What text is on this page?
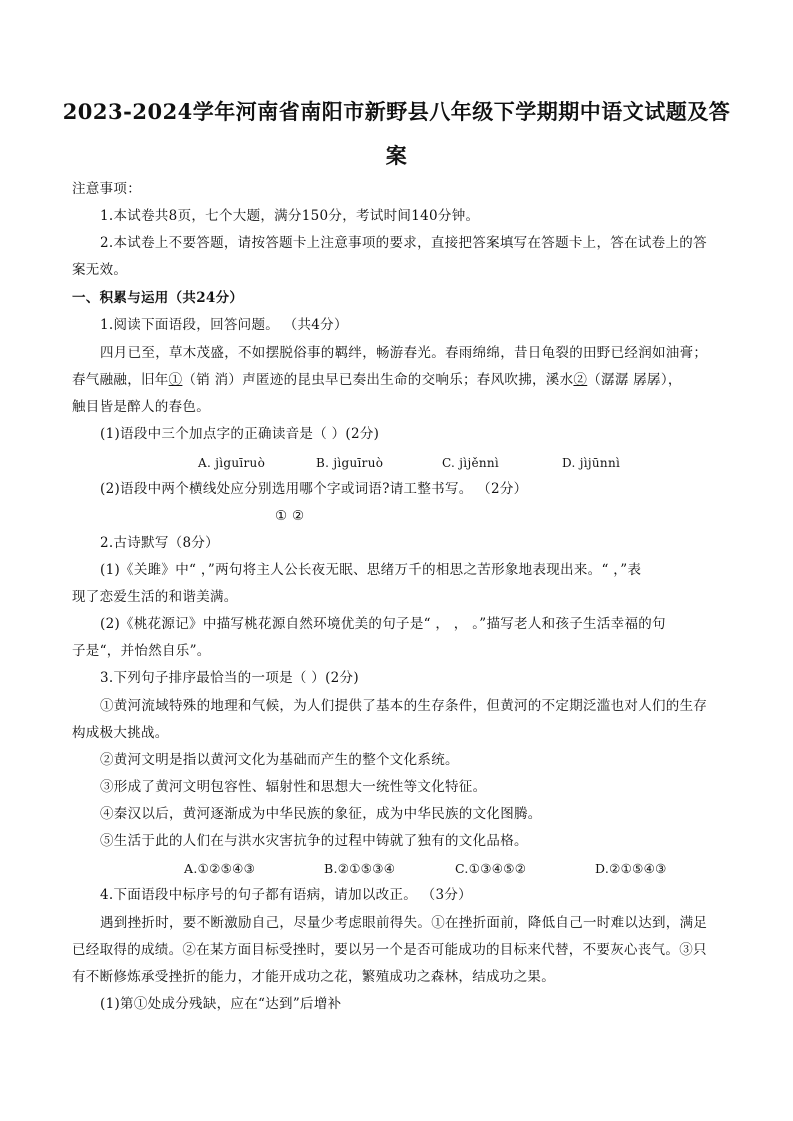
2023-2024学年河南省南阳市新野县八年级下学期期中语文试题及答
案
注意事项：
1.本试卷共8页，七个大题，满分150分，考试时间140分钟。
2.本试卷上不要答题，请按答题卡上注意事项的要求，直接把答案填写在答题卡上，答在试卷上的答
案无效。
一、积累与运用（共24分）
1.阅读下面语段，回答问题。 （共4分）
四月已至，草木茂盛，不如摆脱俗事的羁绊，畅游春光。春雨绵绵，昔日龟裂的田野已经润如油膏；
春气融融，旧年①（销 消）声匿迹的昆虫早已奏出生命的交响乐；春风吹拂，溪水②（潺潺 孱孱），
触目皆是醉人的春色。
(1)语段中三个加点字的正确读音是（ ）(2分)
A. jìguīruò	B. jìguīruò	C. jìjěnnì	D. jìjūnnì
(2)语段中两个横线处应分别选用哪个字或词语?请工整书写。 （2分）
① ②
2.古诗默写（8分）
(1)《关雎》中“ ，”两句将主人公长夜无眠、思绪万千的相思之苦形象地表现出来。“ ，”表
现了恋爱生活的和谐美满。
(2)《桃花源记》中描写桃花源自然环境优美的句子是“ ， ， 。”描写老人和孩子生活幸福的句
子是“，并怡然自乐”。
3.下列句子排序最恰当的一项是（ ）(2分)
①黄河流域特殊的地理和气候，为人们提供了基本的生存条件，但黄河的不定期泛滥也对人们的生存
构成极大挑战。
②黄河文明是指以黄河文化为基础而产生的整个文化系统。
③形成了黄河文明包容性、辐射性和思想大一统性等文化特征。
④秦汉以后，黄河逐渐成为中华民族的象征，成为中华民族的文化图腾。
⑤生活于此的人们在与洪水灾害抗争的过程中铸就了独有的文化品格。
A.①②⑤④③	B.②①⑤③④	C.①③④⑤②	D.②①⑤④③
4.下面语段中标序号的句子都有语病，请加以改正。 （3分）
遇到挫折时，要不断激励自己，尽量少考虑眼前得失。①在挫折面前，降低自己一时难以达到，满足
已经取得的成绩。②在某方面目标受挫时，要以另一个是否可能成功的目标来代替，不要灰心丧气。③只
有不断修炼承受挫折的能力，才能开成功之花，繁殖成功之森林，结成功之果。
(1)第①处成分残缺，应在“达到”后增补
